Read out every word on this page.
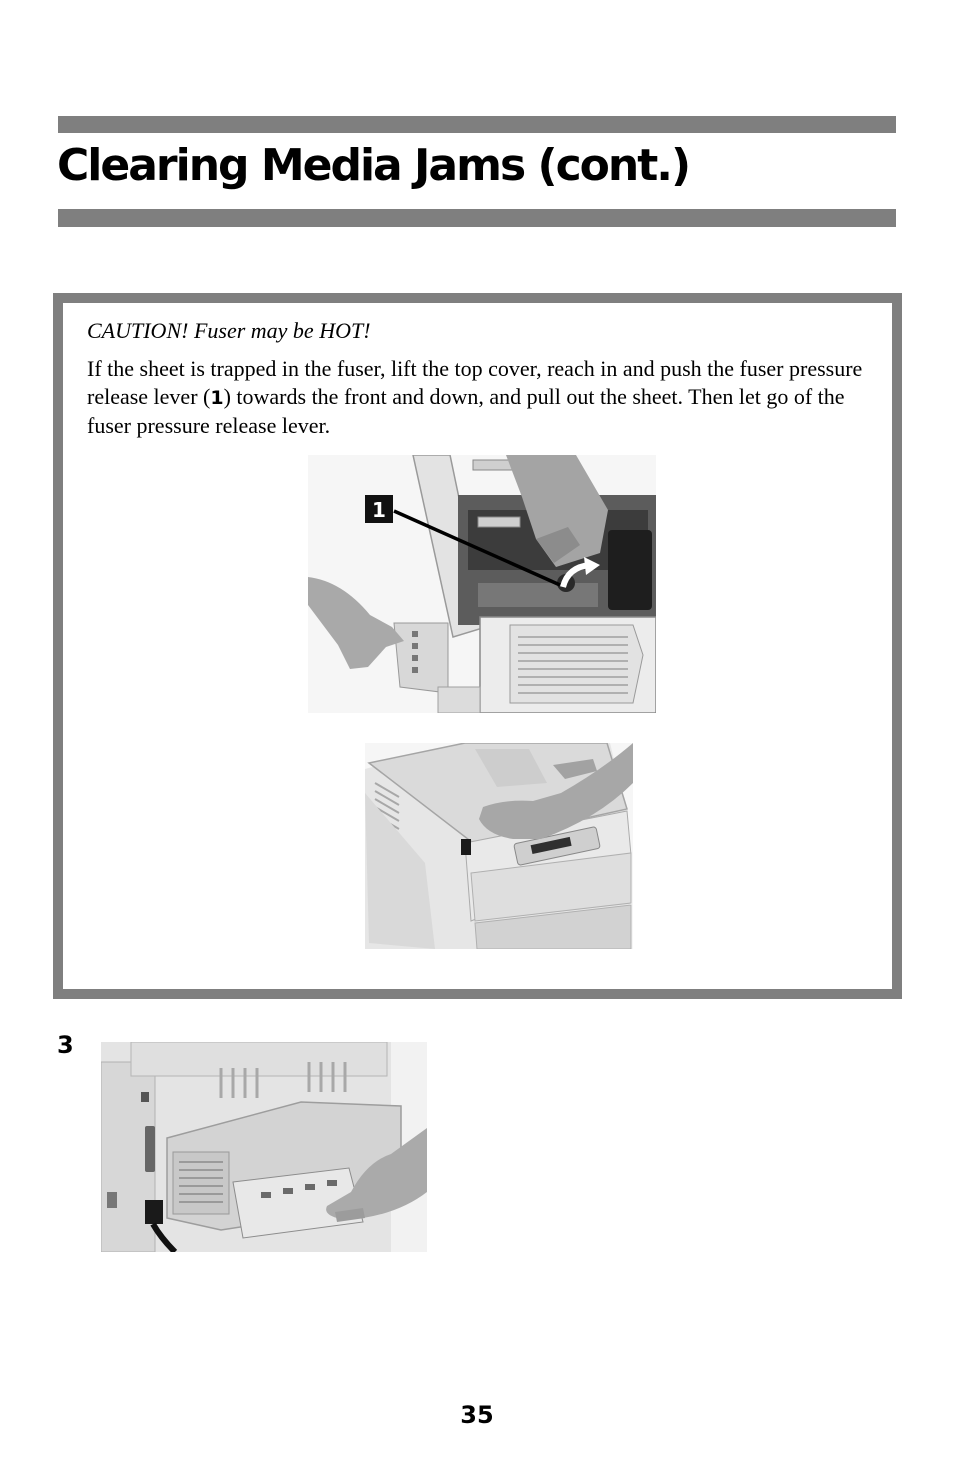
Clearing Media Jams (cont.)

CAUTION! Fuser may be HOT!

If the sheet is trapped in the fuser, lift the top cover, reach in and push the fuser pressure release lever (1) towards the front and down, and pull out the sheet. Then let go of the fuser pressure release lever.

1
3
35
